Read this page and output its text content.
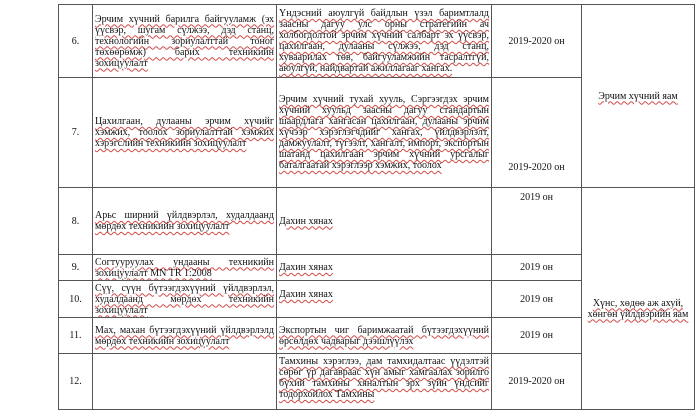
6.	Эрчим хүчний барилга байгууламж (эх үүсвэр, шугам сүлжээ, дэд станц, технологийн зориулалттай тоног төхөөрөмж) барих техникийн зохицуулалт	Үндэсний аюулгүй байдлын үзэл баримтлалд заасны дагуу улс орны стратегийн ач холбогдолтой эрчим хүчний салбарт эх үүсвэр, цахилгаан, дулааны сүлжээ, дэд станц, хуваарилах төв, байгууламжийн тасралтгүй, аюулгүй, найдвартай ажиллагааг хангах.	2019-2020 он	Эрчим хүчний яам
7.	Цахилгаан, дулааны эрчим хүчийг хэмжих, тоолох зориулалттай хэмжих хэрэгслийн техникийн зохицуулалт	Эрчим хүчний тухай хууль, Сэргээгдэх эрчим хүчний хуульд заасны дагуу стандартын шаардлага хангасан цахилгаан, дулааны эрчим хүчээр хэрэглэгчдийг хангах, үйлдвэрлэлт, дамжуулалт, түгээлт, хангалт, импорт, экспортын шатанд цахилгаан эрчим хүчний урсгалыг баталгаатай хэрэглээр хэмжих, тоолох	2019-2020 он	
8.	Арьс ширний үйлдвэрлэл, худалдаанд мөрдөх техникийн зохицуулалт	Дахин хянах	2019 он	Хүнс, хөдөө аж ахуй, хөнгөн үйлдвэрийн яам
9.	Согтууруулах ундааны техникийн зохицуулалт MN TR 1:2008	Дахин хянах	2019 он	
10.	Сүү, сүүн бүтээгдэхүүний үйлдвэрлэл, худалдаанд мөрдөх техникийн зохицуулалт	Дахин хянах	2019 он	
11.	Мах, махан бүтээгдэхүүний үйлдвэрлэлд мөрдөх техникийн зохицуулалт	Экспортын чиг баримжаатай бүтээгдэхүүний өрсөлдөх чадварыг дээшлүүлэх	2019 он	
12.		Тамхины хэрэглээ, дам тамхидалтаас үүдэлтэй сөрөг үр дагавраас хүн амыг хамгаалах зорилго бүхий тамхины хяналтын эрх зүйн үндсийг тодорхойлох Тамхины	2019-2020 он	
